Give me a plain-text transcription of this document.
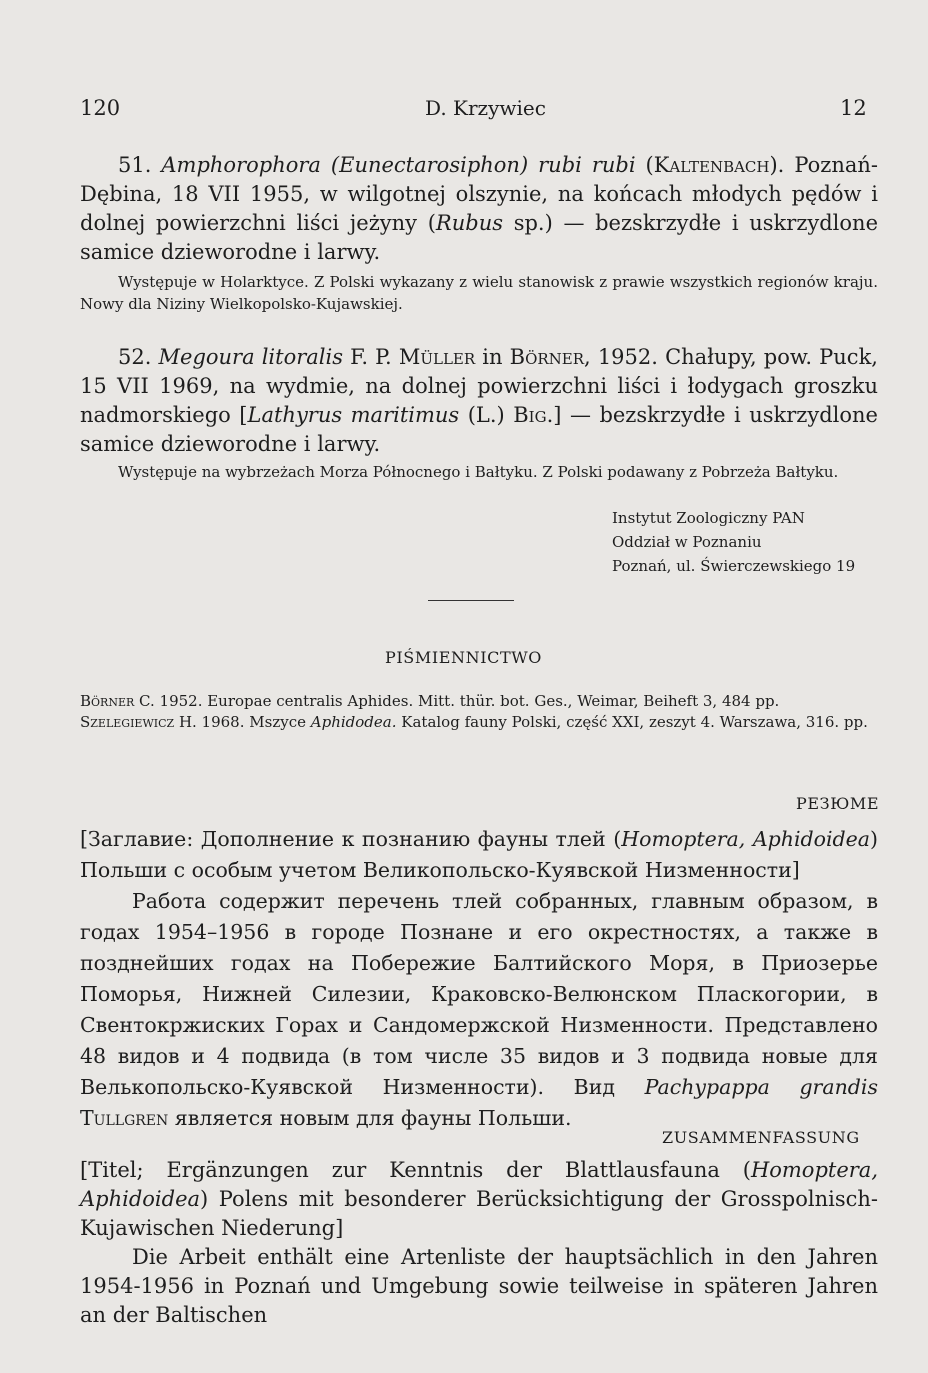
120	D. Krzywiec	12

51. Amphorophora (Eunectarosiphon) rubi rubi (Kaltenbach). Poznań-Dębina, 18 VII 1955, w wilgotnej olszynie, na końcach młodych pędów i dolnej powierzchni liści jeżyny (Rubus sp.) — bezskrzydłe i uskrzydlone samice dzieworodne i larwy.

Występuje w Holarktyce. Z Polski wykazany z wielu stanowisk z prawie wszystkich regionów kraju. Nowy dla Niziny Wielkopolsko-Kujawskiej.

52. Megoura litoralis F. P. Müller in Börner, 1952. Chałupy, pow. Puck, 15 VII 1969, na wydmie, na dolnej powierzchni liści i łodygach groszku nadmorskiego [Lathyrus maritimus (L.) Big.] — bezskrzydłe i uskrzydlone samice dzieworodne i larwy.

Występuje na wybrzeżach Morza Północnego i Bałtyku. Z Polski podawany z Pobrzeża Bałtyku.

Instytut Zoologiczny PAN
Oddział w Poznaniu
Poznań, ul. Świerczewskiego 19
PIŚMIENNICTWO

Börner C. 1952. Europae centralis Aphides. Mitt. thür. bot. Ges., Weimar, Beiheft 3, 484 pp.

Szelegiewicz H. 1968. Mszyce Aphidodea. Katalog fauny Polski, część XXI, zeszyt 4. Warszawa, 316. pp.

РЕЗЮМЕ

[Заглавие: Дополнение к познанию фауны тлей (Homoptera, Aphidoidea) Польши с особым учетом Великопольско-Куявской Низменности]

Работа содержит перечень тлей собранных, главным образом, в годах 1954–1956 в городе Познане и его окрестностях, а также в позднейших годах на Побережие Балтийского Моря, в Приозерье Поморья, Нижней Силезии, Краковско-Велюнском Пласкогории, в Свентокржиских Горах и Сандомержской Низменности. Представлено 48 видов и 4 подвида (в том числе 35 видов и 3 подвида новые для Велькопольско-Куявской Низменности). Вид Pachypappa grandis Tullgren является новым для фауны Польши.

ZUSAMMENFASSUNG

[Titel; Ergänzungen zur Kenntnis der Blattlausfauna (Homoptera, Aphidoidea) Polens mit besonderer Berücksichtigung der Grosspolnisch-Kujawischen Niederung]

Die Arbeit enthält eine Artenliste der hauptsächlich in den Jahren 1954-1956 in Poznań und Umgebung sowie teilweise in späteren Jahren an der Baltischen
